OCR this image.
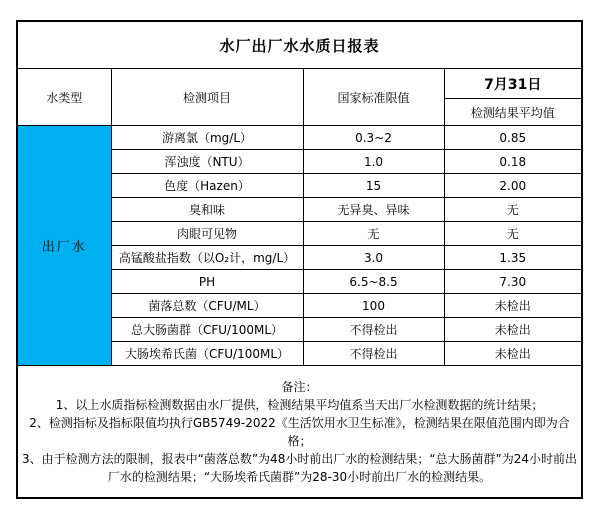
水厂出厂水水质日报表			
水类型	检测项目	国家标准限值	7月31日
			检测结果平均值
出厂水	游离氯（mg/L）	0.3~2	0.85
	浑浊度（NTU）	1.0	0.18
	色度（Hazen）	15	2.00
	臭和味	无异臭、异味	无
	肉眼可见物	无	无
	高锰酸盐指数（以O₂计，mg/L）	3.0	1.35
	PH	6.5~8.5	7.30
	菌落总数（CFU/ML）	100	未检出
	总大肠菌群（CFU/100ML）	不得检出	未检出
	大肠埃希氏菌（CFU/100ML）	不得检出	未检出

备注：

1、以上水质指标检测数据由水厂提供，检测结果平均值系当天出厂水检测数据的统计结果；

2、检测指标及指标限值均执行GB5749-2022《生活饮用水卫生标准》，检测结果在限值范围内即为合格；

3、由于检测方法的限制，报表中“菌落总数”为48小时前出厂水的检测结果；“总大肠菌群”为24小时前出厂水的检测结果；“大肠埃希氏菌群”为28-30小时前出厂水的检测结果。			
